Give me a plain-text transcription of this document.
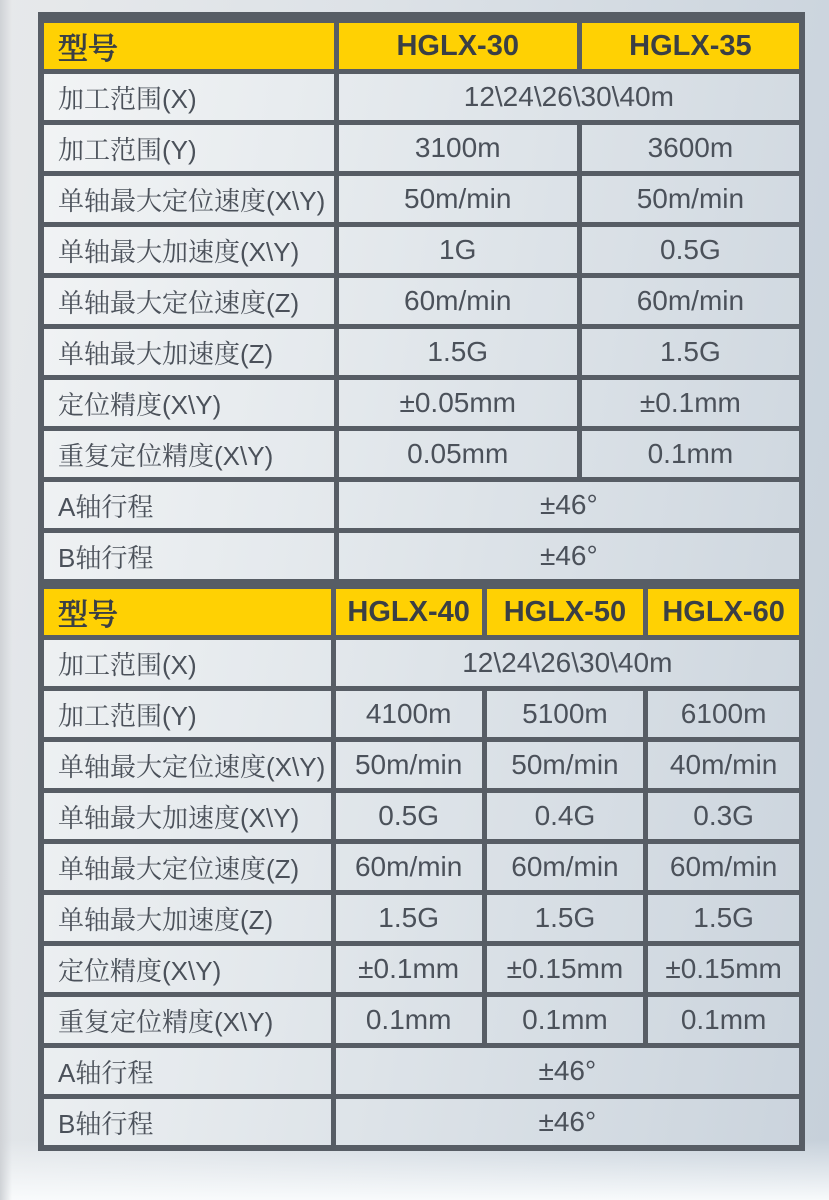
型号	HGLX-30	HGLX-35
加工范围(X)	12\24\26\30\40m	
加工范围(Y)	3100m	3600m
单轴最大定位速度(X\Y)	50m/min	50m/min
单轴最大加速度(X\Y)	1G	0.5G
单轴最大定位速度(Z)	60m/min	60m/min
单轴最大加速度(Z)	1.5G	1.5G
定位精度(X\Y)	±0.05mm	±0.1mm
重复定位精度(X\Y)	0.05mm	0.1mm
A轴行程	±46°	
B轴行程	±46°	
型号	HGLX-40	HGLX-50	HGLX-60
加工范围(X)	12\24\26\30\40m		
加工范围(Y)	4100m	5100m	6100m
单轴最大定位速度(X\Y)	50m/min	50m/min	40m/min
单轴最大加速度(X\Y)	0.5G	0.4G	0.3G
单轴最大定位速度(Z)	60m/min	60m/min	60m/min
单轴最大加速度(Z)	1.5G	1.5G	1.5G
定位精度(X\Y)	±0.1mm	±0.15mm	±0.15mm
重复定位精度(X\Y)	0.1mm	0.1mm	0.1mm
A轴行程	±46°		
B轴行程	±46°		
